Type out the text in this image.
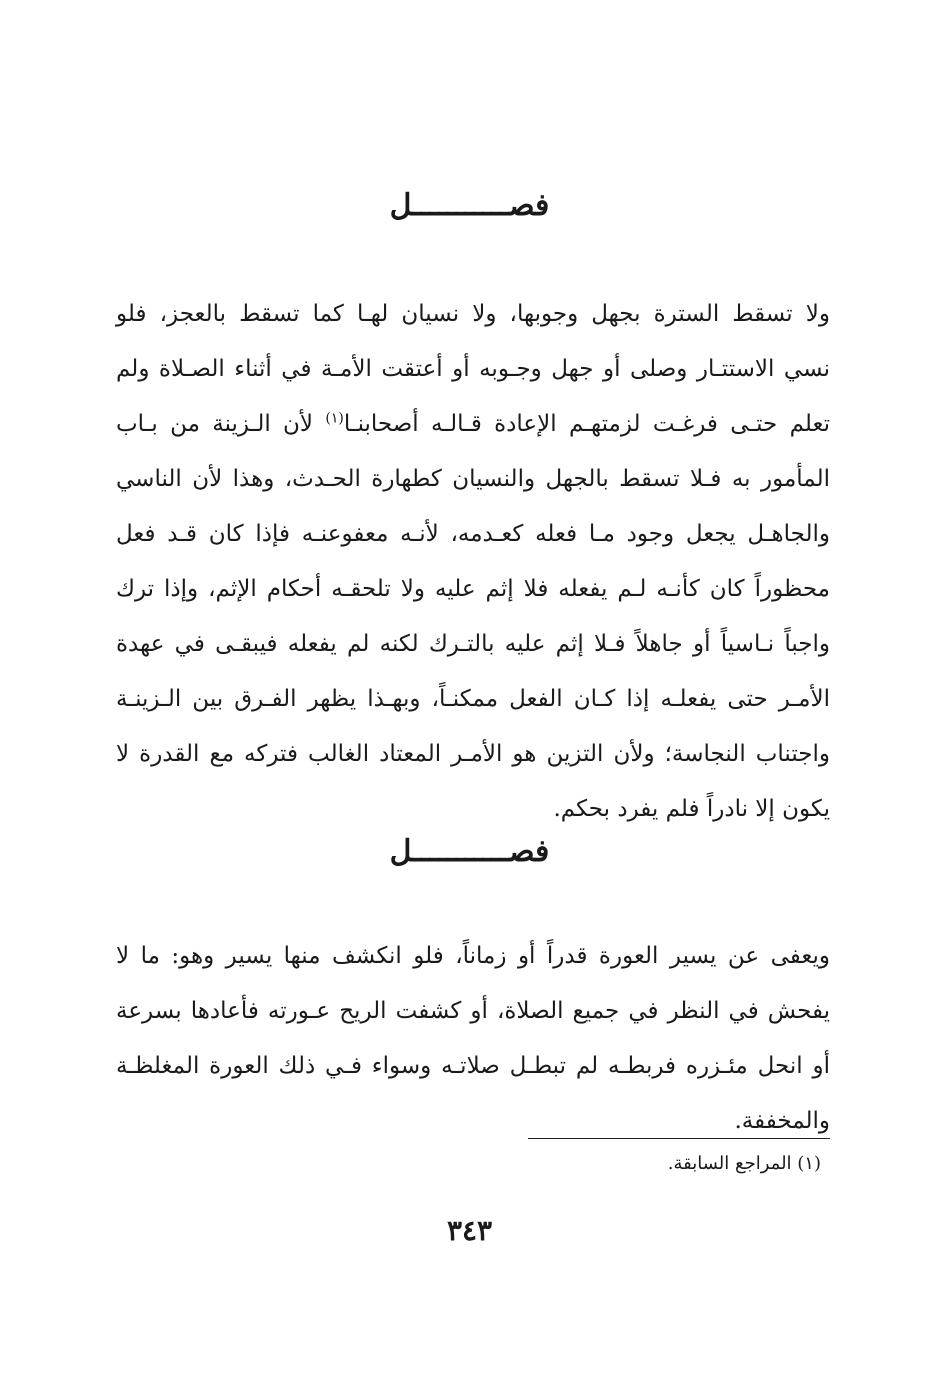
فصـــــــــــل
ولا تسقط السترة بجهل وجوبها، ولا نسيان لهـا كما تسقط بالعجز، فلو
نسي الاستتـار وصلى أو جهل وجـوبه أو أعتقت الأمـة في أثناء الصـلاة ولم
تعلم حتـى فرغـت لزمتهـم الإعادة قـالـه أصحابنـا$^{(١)}$ لأن الـزينة من بـاب
المأمور به فـلا تسقط بالجهل والنسيان كطهارة الحـدث، وهذا لأن الناسي
والجاهـل يجعل وجود مـا فعله كعـدمه، لأنـه معفوعنـه فإذا كان قـد فعل
محظوراً كان كأنـه لـم يفعله فلا إثم عليه ولا تلحقـه أحكام الإثم، وإذا ترك
واجباً نـاسياً أو جاهلاً فـلا إثم عليه بالتـرك لكنه لم يفعله فيبقـى في عهدة
الأمـر حتى يفعلـه إذا كـان الفعل ممكنـاً، وبهـذا يظهر الفـرق بين الـزينـة
واجتناب النجاسة؛ ولأن التزين هو الأمـر المعتاد الغالب فتركه مع القدرة لا
يكون إلا نادراً فلم يفرد بحكم.
فصـــــــــــل
ويعفى عن يسير العورة قدراً أو زماناً، فلو انكشف منها يسير وهو: ما لا
يفحش في النظر في جميع الصلاة، أو كشفت الريح عـورته فأعادها بسرعة
أو انحل مئـزره فربطـه لم تبطـل صلاتـه وسواء فـي ذلك العورة المغلظـة
والمخففة.
(١) المراجع السابقة.
٣٤٣
